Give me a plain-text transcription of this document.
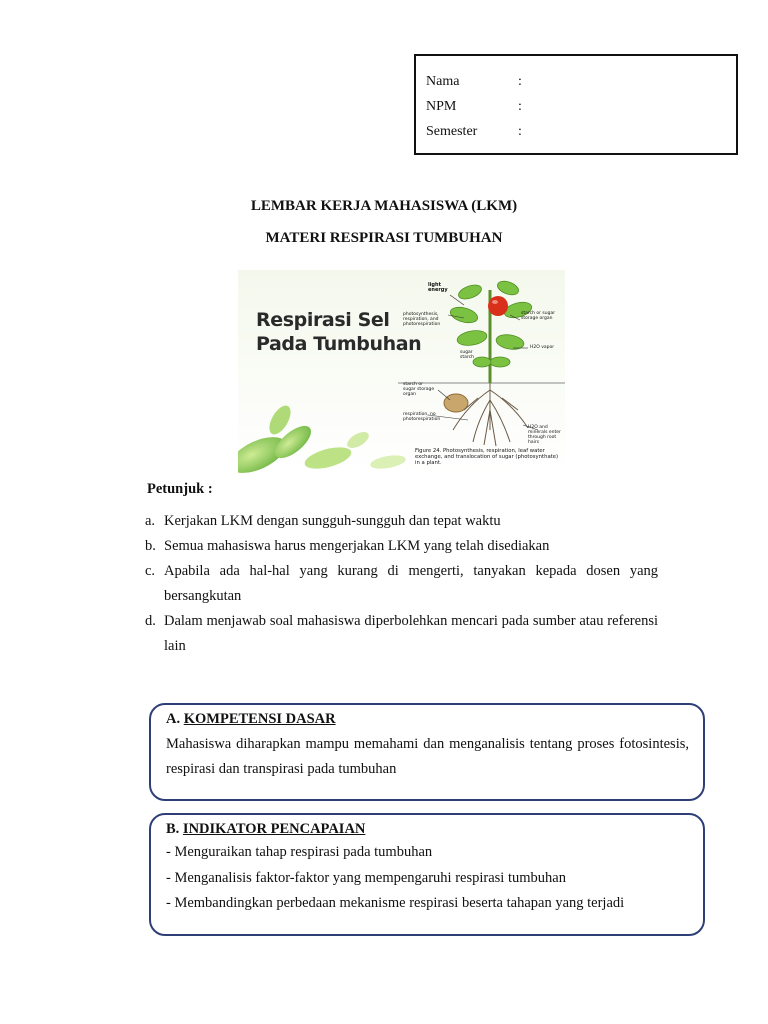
Nama	:
NPM	:
Semester	:
LEMBAR KERJA MAHASISWA (LKM)
MATERI RESPIRASI TUMBUHAN
Respirasi Sel
Pada Tumbuhan
light energy
photosynthesis, respiration, and photorespiration
starch or sugar storage organ
sugar starch
H2O vapor
starch or sugar storage organ
respiration, no photorespiration
H2O and minerals enter through root hairs
Figure 24. Photosynthesis, respiration, leaf water exchange, and translocation of sugar (photosynthate) in a plant.
Petunjuk :
a. Kerjakan LKM dengan sungguh-sungguh dan tepat waktu
b. Semua mahasiswa harus mengerjakan LKM yang telah disediakan
c. Apabila ada hal-hal yang kurang di mengerti, tanyakan kepada dosen yang bersangkutan
d. Dalam menjawab soal mahasiswa diperbolehkan mencari pada sumber atau referensi lain
A. KOMPETENSI DASAR
Mahasiswa diharapkan mampu memahami dan menganalisis tentang proses fotosintesis, respirasi dan transpirasi pada tumbuhan
B. INDIKATOR PENCAPAIAN
- Menguraikan tahap respirasi pada tumbuhan
- Menganalisis faktor-faktor yang mempengaruhi respirasi tumbuhan
- Membandingkan perbedaan mekanisme respirasi beserta tahapan yang terjadi
